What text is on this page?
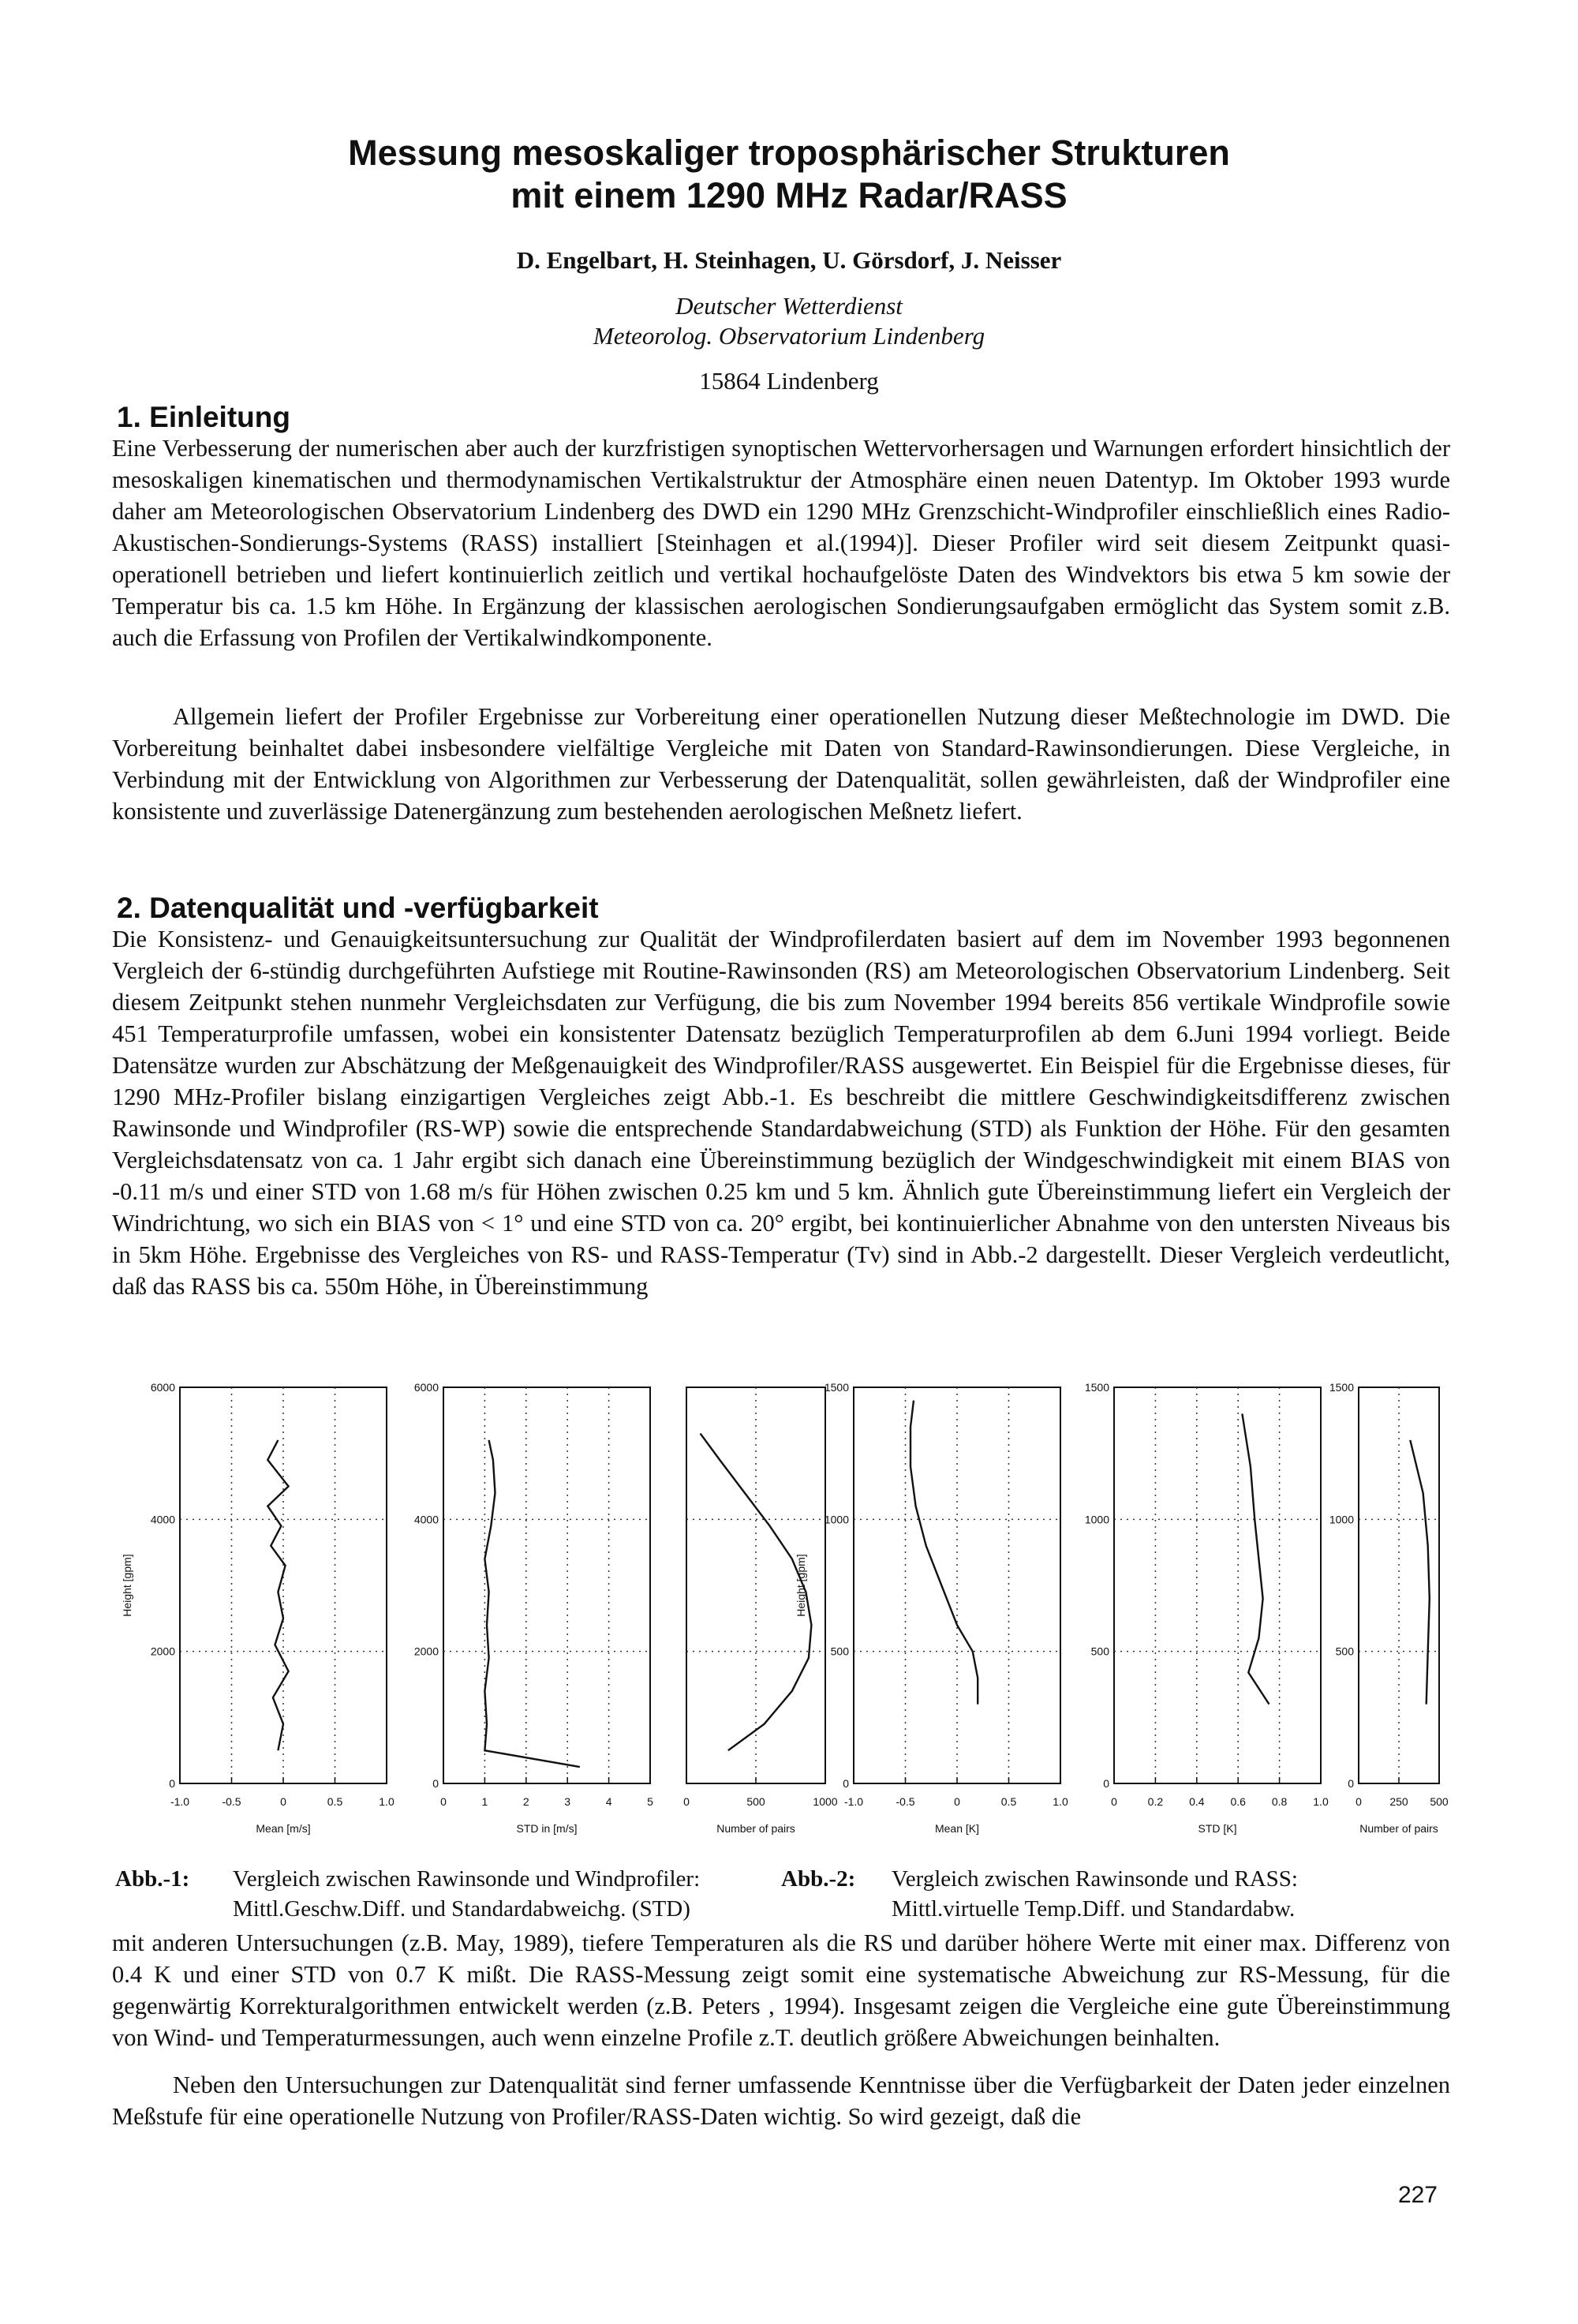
Messung mesoskaliger troposphärischer Strukturen
mit einem 1290 MHz Radar/RASS
D. Engelbart, H. Steinhagen, U. Görsdorf, J. Neisser
Deutscher Wetterdienst
Meteorolog. Observatorium Lindenberg
15864 Lindenberg
1. Einleitung

Eine Verbesserung der numerischen aber auch der kurzfristigen synoptischen Wettervorhersagen und Warnungen erfordert hinsichtlich der mesoskaligen kinematischen und thermodynamischen Vertikalstruktur der Atmosphäre einen neuen Datentyp. Im Oktober 1993 wurde daher am Meteorologischen Observatorium Lindenberg des DWD ein 1290 MHz Grenzschicht-Windprofiler einschließlich eines Radio-Akustischen-Sondierungs-Systems (RASS) installiert [Steinhagen et al.(1994)]. Dieser Profiler wird seit diesem Zeitpunkt quasi-operationell betrieben und liefert kontinuierlich zeitlich und vertikal hochaufgelöste Daten des Windvektors bis etwa 5 km sowie der Temperatur bis ca. 1.5 km Höhe. In Ergänzung der klassischen aerologischen Sondierungsaufgaben ermöglicht das System somit z.B. auch die Erfassung von Profilen der Vertikalwindkomponente.

Allgemein liefert der Profiler Ergebnisse zur Vorbereitung einer operationellen Nutzung dieser Meßtechnologie im DWD. Die Vorbereitung beinhaltet dabei insbesondere vielfältige Vergleiche mit Daten von Standard-Rawinsondierungen. Diese Vergleiche, in Verbindung mit der Entwicklung von Algorithmen zur Verbesserung der Datenqualität, sollen gewährleisten, daß der Windprofiler eine konsistente und zuverlässige Datenergänzung zum bestehenden aerologischen Meßnetz liefert.

2. Datenqualität und -verfügbarkeit

Die Konsistenz- und Genauigkeitsuntersuchung zur Qualität der Windprofilerdaten basiert auf dem im November 1993 begonnenen Vergleich der 6-stündig durchgeführten Aufstiege mit Routine-Rawinsonden (RS) am Meteorologischen Observatorium Lindenberg. Seit diesem Zeitpunkt stehen nunmehr Vergleichsdaten zur Verfügung, die bis zum November 1994 bereits 856 vertikale Windprofile sowie 451 Temperaturprofile umfassen, wobei ein konsistenter Datensatz bezüglich Temperaturprofilen ab dem 6.Juni 1994 vorliegt. Beide Datensätze wurden zur Abschätzung der Meßgenauigkeit des Windprofiler/RASS ausgewertet. Ein Beispiel für die Ergebnisse dieses, für 1290 MHz-Profiler bislang einzigartigen Vergleiches zeigt Abb.-1. Es beschreibt die mittlere Geschwindigkeitsdifferenz zwischen Rawinsonde und Windprofiler (RS-WP) sowie die entsprechende Standardabweichung (STD) als Funktion der Höhe. Für den gesamten Vergleichsdatensatz von ca. 1 Jahr ergibt sich danach eine Übereinstimmung bezüglich der Windgeschwindigkeit mit einem BIAS von -0.11 m/s und einer STD von 1.68 m/s für Höhen zwischen 0.25 km und 5 km. Ähnlich gute Übereinstimmung liefert ein Vergleich der Windrichtung, wo sich ein BIAS von < 1° und eine STD von ca. 20° ergibt, bei kontinuierlicher Abnahme von den untersten Niveaus bis in 5km Höhe. Ergebnisse des Vergleiches von RS- und RASS-Temperatur (Tv) sind in Abb.-2 dargestellt. Dieser Vergleich verdeutlicht, daß das RASS bis ca. 550m Höhe, in Übereinstimmung

-1.0	-0.5	0	0.5	1.0
0
2000
4000
6000
Mean [m/s]
Height [gpm]
0	1	2	3	4	5
0
2000
4000
6000
STD in [m/s]
0	500	1000
Number of pairs
-1.0	-0.5	0	0.5	1.0
0
500
1000
1500
Mean [K]
Height [gpm]
0	0.2 0.4 0.6 0.8 1.0
0
500
1000
1500
STD [K]
0	250 500
0
500
1000
1500
Number of pairs
Abb.-1: Vergleich zwischen Rawinsonde und Windprofiler:
Mittl.Geschw.Diff. und Standardabweichg. (STD)
Abb.-2: Vergleich zwischen Rawinsonde und RASS:
Mittl.virtuelle Temp.Diff. und Standardabw.

mit anderen Untersuchungen (z.B. May, 1989), tiefere Temperaturen als die RS und darüber höhere Werte mit einer max. Differenz von 0.4 K und einer STD von 0.7 K mißt. Die RASS-Messung zeigt somit eine systematische Abweichung zur RS-Messung, für die gegenwärtig Korrekturalgorithmen entwickelt werden (z.B. Peters , 1994). Insgesamt zeigen die Vergleiche eine gute Übereinstimmung von Wind- und Temperaturmessungen, auch wenn einzelne Profile z.T. deutlich größere Abweichungen beinhalten.

Neben den Untersuchungen zur Datenqualität sind ferner umfassende Kenntnisse über die Verfügbarkeit der Daten jeder einzelnen Meßstufe für eine operationelle Nutzung von Profiler/RASS-Daten wichtig. So wird gezeigt, daß die

227
